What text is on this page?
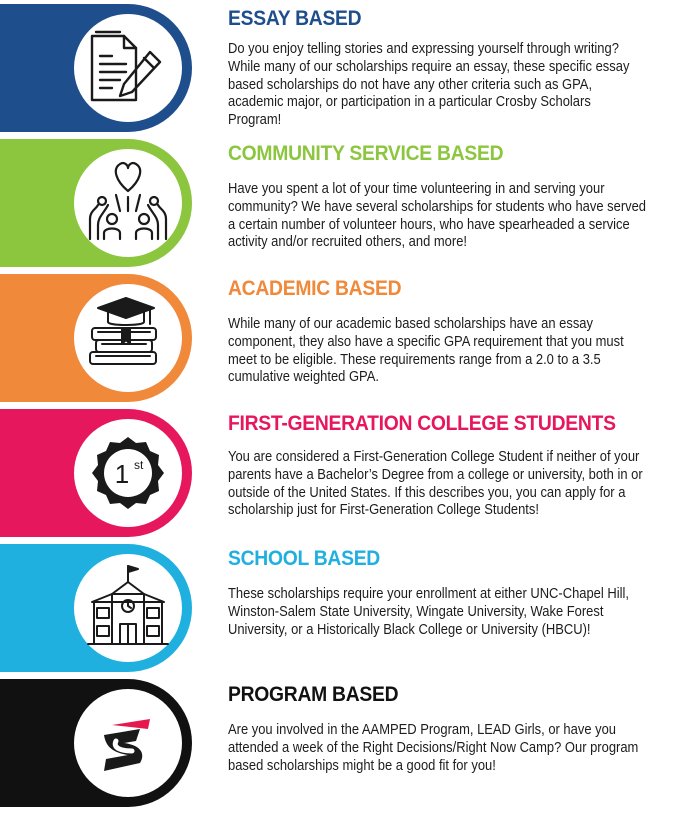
ESSAY BASED
Do you enjoy telling stories and expressing yourself through writing?
While many of our scholarships require an essay, these specific essay
based scholarships do not have any other criteria such as GPA,
academic major, or participation in a particular Crosby Scholars
Program!
COMMUNITY SERVICE BASED
Have you spent a lot of your time volunteering in and serving your
community? We have several scholarships for students who have served
a certain number of volunteer hours, who have spearheaded a service
activity and/or recruited others, and more!
ACADEMIC BASED
While many of our academic based scholarships have an essay
component, they also have a specific GPA requirement that you must
meet to be eligible. These requirements range from a 2.0 to a 3.5
cumulative weighted GPA.
1 st
FIRST-GENERATION COLLEGE STUDENTS
You are considered a First-Generation College Student if neither of your
parents have a Bachelor’s Degree from a college or university, both in or
outside of the United States. If this describes you, you can apply for a
scholarship just for First-Generation College Students!
SCHOOL BASED
These scholarships require your enrollment at either UNC-Chapel Hill,
Winston-Salem State University, Wingate University, Wake Forest
University, or a Historically Black College or University (HBCU)!
PROGRAM BASED
Are you involved in the AAMPED Program, LEAD Girls, or have you
attended a week of the Right Decisions/Right Now Camp? Our program
based scholarships might be a good fit for you!
